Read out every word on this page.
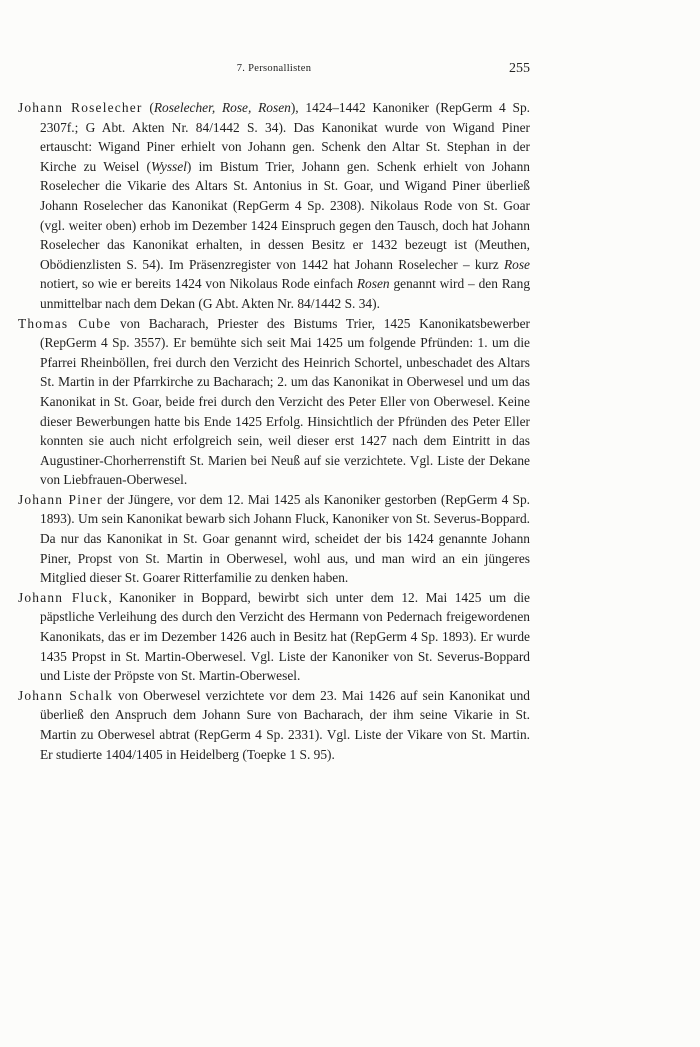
7. Personallisten	255

Johann Roselecher (Roselecher, Rose, Rosen), 1424–1442 Kanoniker (RepGerm 4 Sp. 2307f.; G Abt. Akten Nr. 84/1442 S. 34). Das Kanonikat wurde von Wigand Piner ertauscht: Wigand Piner erhielt von Johann gen. Schenk den Altar St. Stephan in der Kirche zu Weisel (Wyssel) im Bistum Trier, Johann gen. Schenk erhielt von Johann Roselecher die Vikarie des Altars St. Antonius in St. Goar, und Wigand Piner überließ Johann Roselecher das Kanonikat (RepGerm 4 Sp. 2308). Nikolaus Rode von St. Goar (vgl. weiter oben) erhob im Dezember 1424 Einspruch gegen den Tausch, doch hat Johann Roselecher das Kanonikat erhalten, in dessen Besitz er 1432 bezeugt ist (Meuthen, Obödienzlisten S. 54). Im Präsenzregister von 1442 hat Johann Roselecher – kurz Rose notiert, so wie er bereits 1424 von Nikolaus Rode einfach Rosen genannt wird – den Rang unmittelbar nach dem Dekan (G Abt. Akten Nr. 84/1442 S. 34).

Thomas Cube von Bacharach, Priester des Bistums Trier, 1425 Kanonikatsbewerber (RepGerm 4 Sp. 3557). Er bemühte sich seit Mai 1425 um folgende Pfründen: 1. um die Pfarrei Rheinböllen, frei durch den Verzicht des Heinrich Schortel, unbeschadet des Altars St. Martin in der Pfarrkirche zu Bacharach; 2. um das Kanonikat in Oberwesel und um das Kanonikat in St. Goar, beide frei durch den Verzicht des Peter Eller von Oberwesel. Keine dieser Bewerbungen hatte bis Ende 1425 Erfolg. Hinsichtlich der Pfründen des Peter Eller konnten sie auch nicht erfolgreich sein, weil dieser erst 1427 nach dem Eintritt in das Augustiner-Chorherrenstift St. Marien bei Neuß auf sie verzichtete. Vgl. Liste der Dekane von Liebfrauen-Oberwesel.

Johann Piner der Jüngere, vor dem 12. Mai 1425 als Kanoniker gestorben (RepGerm 4 Sp. 1893). Um sein Kanonikat bewarb sich Johann Fluck, Kanoniker von St. Severus-Boppard. Da nur das Kanonikat in St. Goar genannt wird, scheidet der bis 1424 genannte Johann Piner, Propst von St. Martin in Oberwesel, wohl aus, und man wird an ein jüngeres Mitglied dieser St. Goarer Ritterfamilie zu denken haben.

Johann Fluck, Kanoniker in Boppard, bewirbt sich unter dem 12. Mai 1425 um die päpstliche Verleihung des durch den Verzicht des Hermann von Pedernach freigewordenen Kanonikats, das er im Dezember 1426 auch in Besitz hat (RepGerm 4 Sp. 1893). Er wurde 1435 Propst in St. Martin-Oberwesel. Vgl. Liste der Kanoniker von St. Severus-Boppard und Liste der Pröpste von St. Martin-Oberwesel.

Johann Schalk von Oberwesel verzichtete vor dem 23. Mai 1426 auf sein Kanonikat und überließ den Anspruch dem Johann Sure von Bacharach, der ihm seine Vikarie in St. Martin zu Oberwesel abtrat (RepGerm 4 Sp. 2331). Vgl. Liste der Vikare von St. Martin. Er studierte 1404/1405 in Heidelberg (Toepke 1 S. 95).
